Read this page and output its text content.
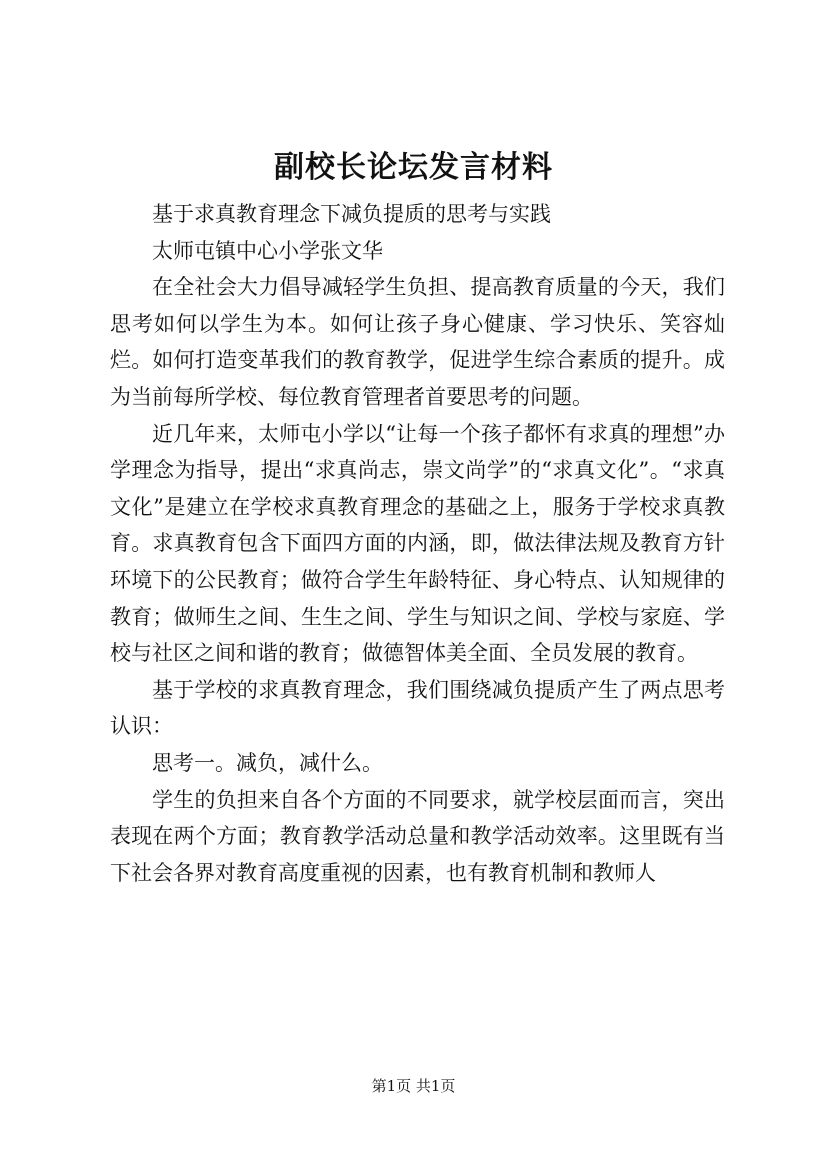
副校长论坛发言材料

基于求真教育理念下减负提质的思考与实践

太师屯镇中心小学张文华

在全社会大力倡导减轻学生负担、提高教育质量的今天，我们思考如何以学生为本。如何让孩子身心健康、学习快乐、笑容灿烂。如何打造变革我们的教育教学，促进学生综合素质的提升。成为当前每所学校、每位教育管理者首要思考的问题。

近几年来，太师屯小学以“让每一个孩子都怀有求真的理想”办学理念为指导，提出“求真尚志，崇文尚学”的“求真文化”。“求真文化”是建立在学校求真教育理念的基础之上，服务于学校求真教育。求真教育包含下面四方面的内涵，即，做法律法规及教育方针环境下的公民教育；做符合学生年龄特征、身心特点、认知规律的教育；做师生之间、生生之间、学生与知识之间、学校与家庭、学校与社区之间和谐的教育；做德智体美全面、全员发展的教育。

基于学校的求真教育理念，我们围绕减负提质产生了两点思考认识：

思考一。减负，减什么。

学生的负担来自各个方面的不同要求，就学校层面而言，突出表现在两个方面；教育教学活动总量和教学活动效率。这里既有当下社会各界对教育高度重视的因素，也有教育机制和教师人

第1页 共1页
